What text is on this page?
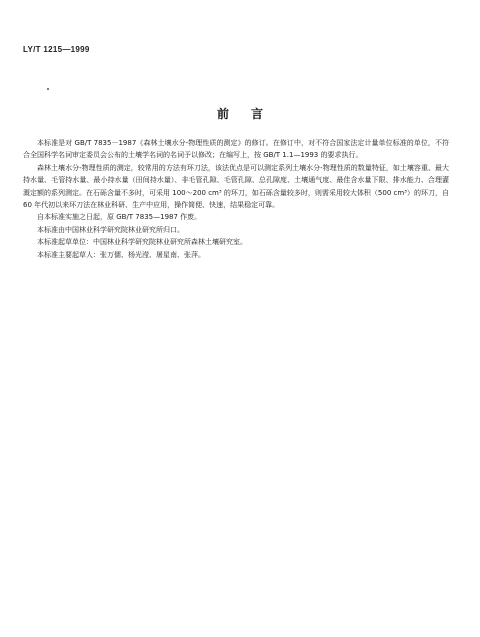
LY/T 1215—1999
前言

本标准是对 GB/T 7835－1987《森林土壤水分-物理性质的测定》的修订。在修订中，对不符合国家法定计量单位标准的单位，不符合全国科学名词审定委员会公布的土壤学名词的名词予以修改；在编写上，按 GB/T 1.1—1993 的要求执行。

森林土壤水分-物理性质的测定，较常用的方法有环刀法，该法优点是可以测定系列土壤水分-物理性质的数量特征，如土壤容重、最大持水量、毛管持水量、最小持水量（田间持水量）、非毛管孔隙、毛管孔隙、总孔隙度、土壤通气度、最佳含水量下限、排水能力、合理灌溉定额的系列测定。在石砾含量不多时，可采用 100～200 cm³ 的环刀，如石砾含量较多时，则需采用较大体积（500 cm³）的环刀，自 60 年代初以来环刀法在林业科研、生产中应用，操作简便、快速，结果稳定可靠。

自本标准实施之日起，原 GB/T 7835—1987 作废。

本标准由中国林业科学研究院林业研究所归口。

本标准起草单位：中国林业科学研究院林业研究所森林土壤研究室。

本标准主要起草人：张万儒、杨光滢、屠星南、张萍。
